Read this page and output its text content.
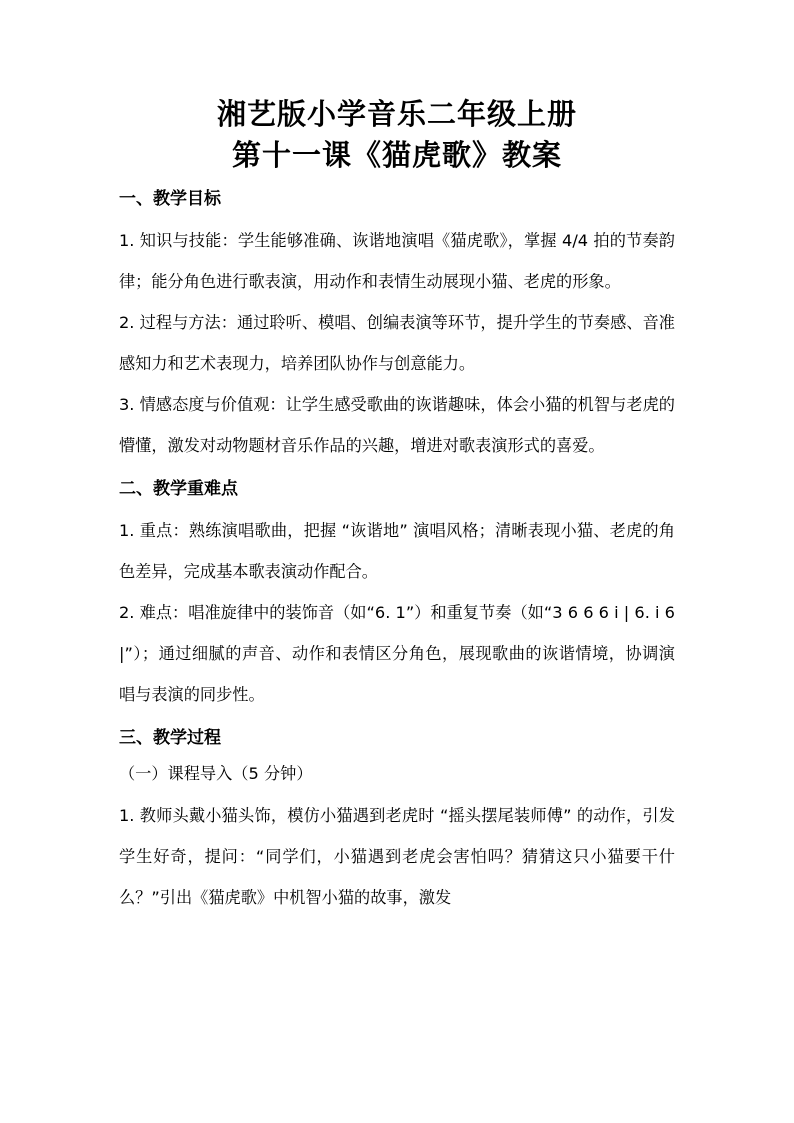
湘艺版小学音乐二年级上册
第十一课《猫虎歌》教案
一、教学目标

1. 知识与技能：学生能够准确、诙谐地演唱《猫虎歌》，掌握 4/4 拍的节奏韵律；能分角色进行歌表演，用动作和表情生动展现小猫、老虎的形象。

2. 过程与方法：通过聆听、模唱、创编表演等环节，提升学生的节奏感、音准感知力和艺术表现力，培养团队协作与创意能力。

3. 情感态度与价值观：让学生感受歌曲的诙谐趣味，体会小猫的机智与老虎的懵懂，激发对动物题材音乐作品的兴趣，增进对歌表演形式的喜爱。

二、教学重难点

1. 重点：熟练演唱歌曲，把握 “诙谐地” 演唱风格；清晰表现小猫、老虎的角色差异，完成基本歌表演动作配合。

2. 难点：唱准旋律中的装饰音（如“6. 1”）和重复节奏（如“3 6 6 6 i | 6. i 6 |”）；通过细腻的声音、动作和表情区分角色，展现歌曲的诙谐情境，协调演唱与表演的同步性。

三、教学过程
（一）课程导入（5 分钟）

1. 教师头戴小猫头饰，模仿小猫遇到老虎时 “摇头摆尾装师傅” 的动作，引发学生好奇，提问：“同学们，小猫遇到老虎会害怕吗？猜猜这只小猫要干什么？”引出《猫虎歌》中机智小猫的故事，激发
